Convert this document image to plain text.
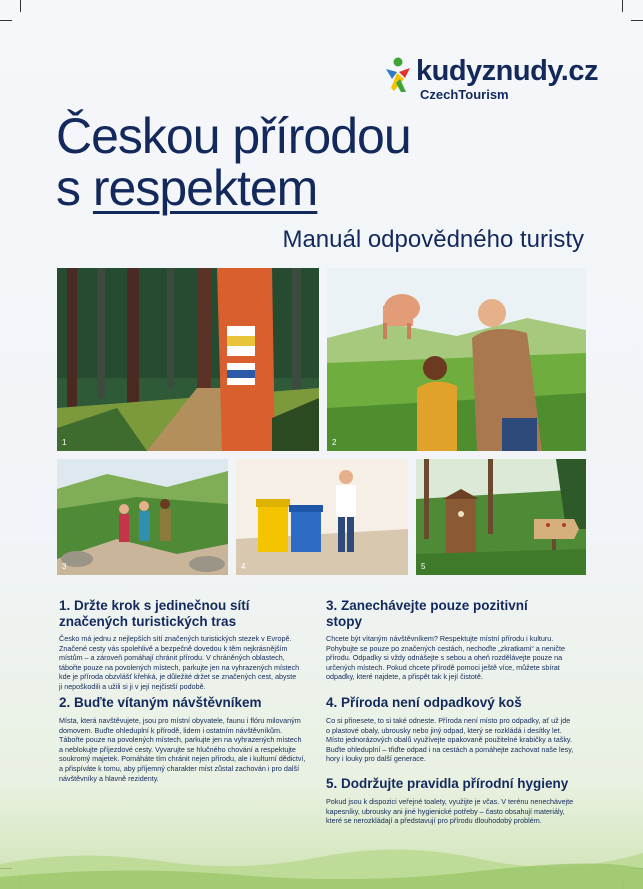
kudyznudy.cz
CzechTourism
Českou přírodou
s respektem
Manuál odpovědného turisty
1	2
3	4	5
1. Držte krok s jedinečnou sítí
značených turistických tras
Česko má jednu z nejlepších sítí značených turistických stezek v Evropě.
Značené cesty vás spolehlivě a bezpečně dovedou k těm nejkrásnějším
místům – a zároveň pomáhají chránit přírodu. V chráněných oblastech,
tábořte pouze na povolených místech, parkujte jen na vyhrazených místech
kde je příroda obzvlášť křehká, je důležité držet se značených cest, abyste
ji nepoškodili a užili si ji v její nejčistší podobě.
2. Buďte vítaným návštěvníkem
Místa, která navštěvujete, jsou pro místní obyvatele, faunu i flóru milovaným
domovem. Buďte ohleduplní k přírodě, lidem i ostatním návštěvníkům.
Tábořte pouze na povolených místech, parkujte jen na vyhrazených místech
a neblokujte příjezdové cesty. Vyvarujte se hlučného chování a respektujte
soukromý majetek. Pomáháte tím chránit nejen přírodu, ale i kulturní dědictví,
a přispíváte k tomu, aby příjemný charakter míst zůstal zachován i pro další
návštěvníky a hlavně rezidenty.
3. Zanechávejte pouze pozitivní
stopy
Chcete být vítaným návštěvníkem? Respektujte místní přírodu i kulturu.
Pohybujte se pouze po značených cestách, nechoďte „zkratkami“ a neničte
přírodu. Odpadky si vždy odnášejte s sebou a oheň rozdělávejte pouze na
určených místech. Pokud chcete přírodě pomoci ještě více, můžete sbírat
odpadky, které najdete, a přispět tak k její čistotě.
4. Příroda není odpadkový koš
Co si přinesete, to si také odneste. Příroda není místo pro odpadky, ať už jde
o plastové obaly, ubrousky nebo jiný odpad, který se rozkládá i desítky let.
Místo jednorázových obalů využívejte opakovaně použitelné krabičky a tašky.
Buďte ohleduplní – třiďte odpad i na cestách a pomáhejte zachovat naše lesy,
hory i louky pro další generace.
5. Dodržujte pravidla přírodní hygieny
Pokud jsou k dispozici veřejné toalety, využijte je včas. V terénu nenechávejte
kapesníky, ubrousky ani jiné hygienické potřeby – často obsahují materiály,
které se nerozkládají a představují pro přírodu dlouhodobý problém.
